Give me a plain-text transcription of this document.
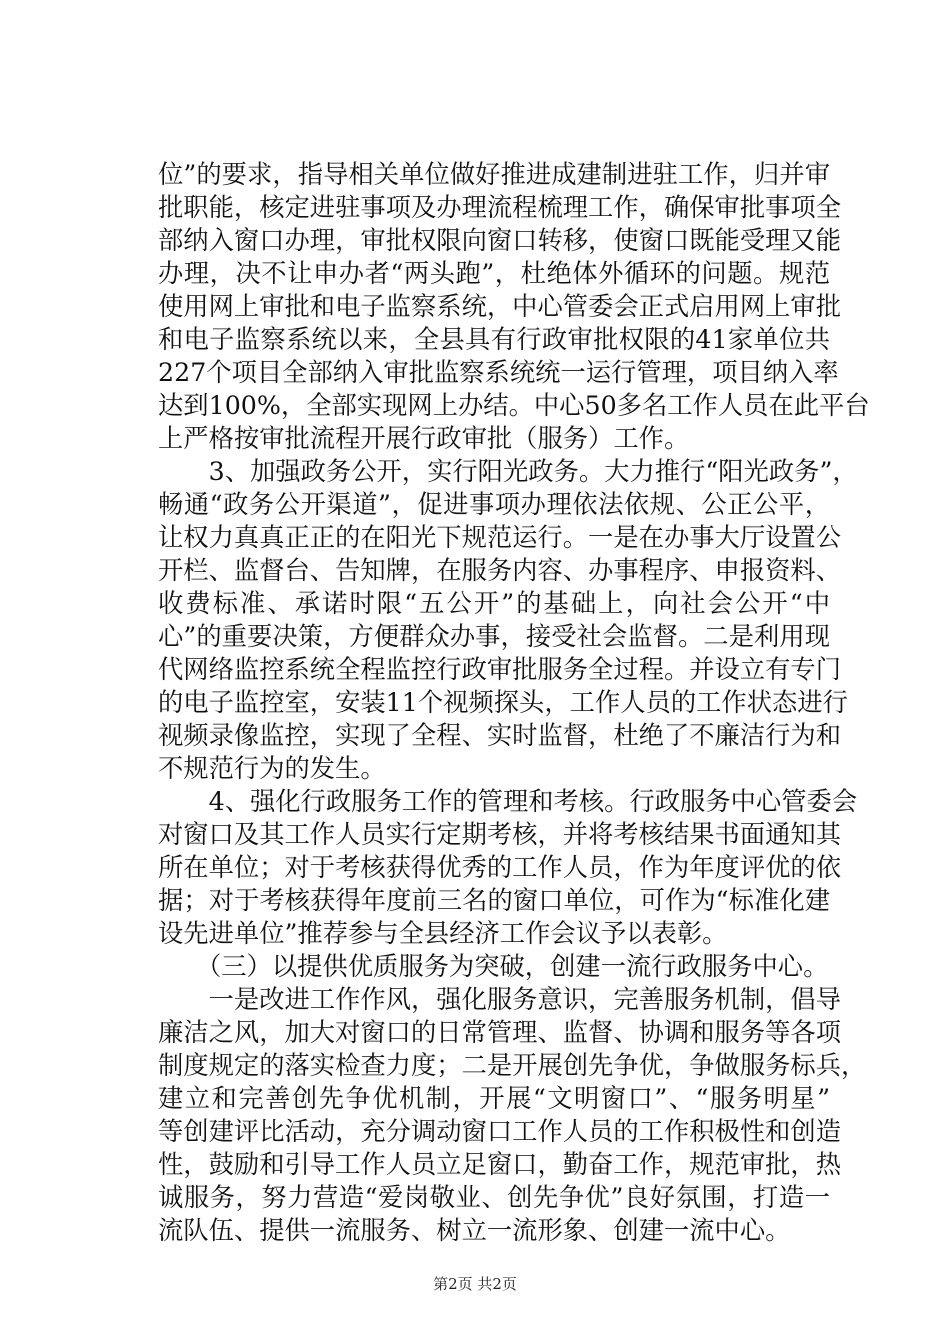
位”的要求，指导相关单位做好推进成建制进驻工作，归并审
批职能，核定进驻事项及办理流程梳理工作，确保审批事项全
部纳入窗口办理，审批权限向窗口转移，使窗口既能受理又能
办理，决不让申办者“两头跑”，杜绝体外循环的问题。规范
使用网上审批和电子监察系统，中心管委会正式启用网上审批
和电子监察系统以来，全县具有行政审批权限的41家单位共
227个项目全部纳入审批监察系统统一运行管理，项目纳入率
达到100%，全部实现网上办结。中心50多名工作人员在此平台
上严格按审批流程开展行政审批（服务）工作。
　　3、加强政务公开，实行阳光政务。大力推行“阳光政务”，
畅通“政务公开渠道”，促进事项办理依法依规、公正公平，
让权力真真正正的在阳光下规范运行。一是在办事大厅设置公
开栏、监督台、告知牌，在服务内容、办事程序、申报资料、
收费标准、承诺时限“五公开”的基础上，向社会公开“中
心”的重要决策，方便群众办事，接受社会监督。二是利用现
代网络监控系统全程监控行政审批服务全过程。并设立有专门
的电子监控室，安装11个视频探头，工作人员的工作状态进行
视频录像监控，实现了全程、实时监督，杜绝了不廉洁行为和
不规范行为的发生。
　　4、强化行政服务工作的管理和考核。行政服务中心管委会
对窗口及其工作人员实行定期考核，并将考核结果书面通知其
所在单位；对于考核获得优秀的工作人员，作为年度评优的依
据；对于考核获得年度前三名的窗口单位，可作为“标准化建
设先进单位”推荐参与全县经济工作会议予以表彰。
　　（三）以提供优质服务为突破，创建一流行政服务中心。
　　一是改进工作作风，强化服务意识，完善服务机制，倡导
廉洁之风，加大对窗口的日常管理、监督、协调和服务等各项
制度规定的落实检查力度；二是开展创先争优，争做服务标兵，
建立和完善创先争优机制，开展“文明窗口”、“服务明星”
等创建评比活动，充分调动窗口工作人员的工作积极性和创造
性，鼓励和引导工作人员立足窗口，勤奋工作，规范审批，热
诚服务，努力营造“爱岗敬业、创先争优”良好氛围，打造一
流队伍、提供一流服务、树立一流形象、创建一流中心。
第2页 共2页
